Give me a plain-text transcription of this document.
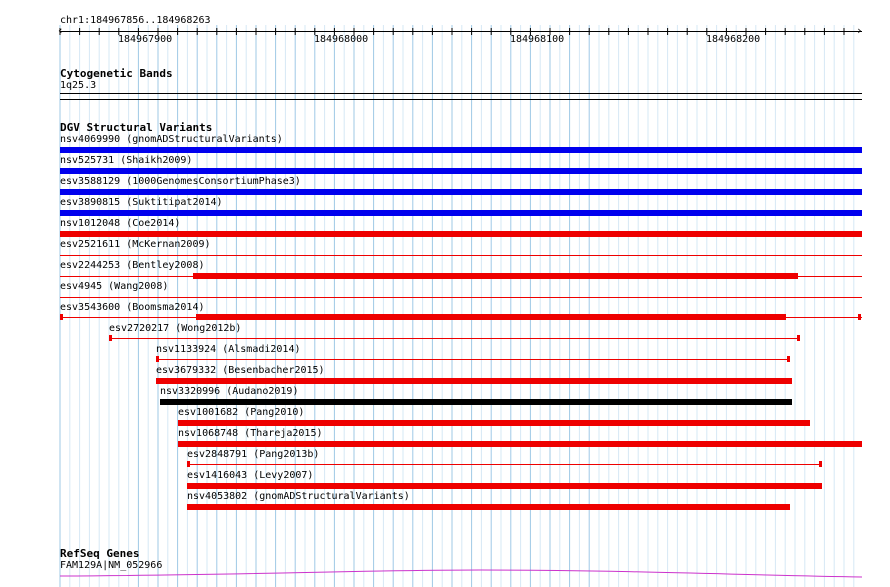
chr1:184967856..184968263
‹	›
184967900	184968000	184968100	184968200
Cytogenetic Bands
1q25.3
DGV Structural Variants
nsv4069990 (gnomADStructuralVariants)
nsv525731 (Shaikh2009)
esv3588129 (1000GenomesConsortiumPhase3)
esv3890815 (Suktitipat2014)
nsv1012048 (Coe2014)
esv2521611 (McKernan2009)
esv2244253 (Bentley2008)
esv4945 (Wang2008)
esv3543600 (Boomsma2014)
esv2720217 (Wong2012b)
nsv1133924 (Alsmadi2014)
esv3679332 (Besenbacher2015)
nsv3320996 (Audano2019)
esv1001682 (Pang2010)
nsv1068748 (Thareja2015)
esv2848791 (Pang2013b)
esv1416043 (Levy2007)
nsv4053802 (gnomADStructuralVariants)
RefSeq Genes
FAM129A|NM_052966
